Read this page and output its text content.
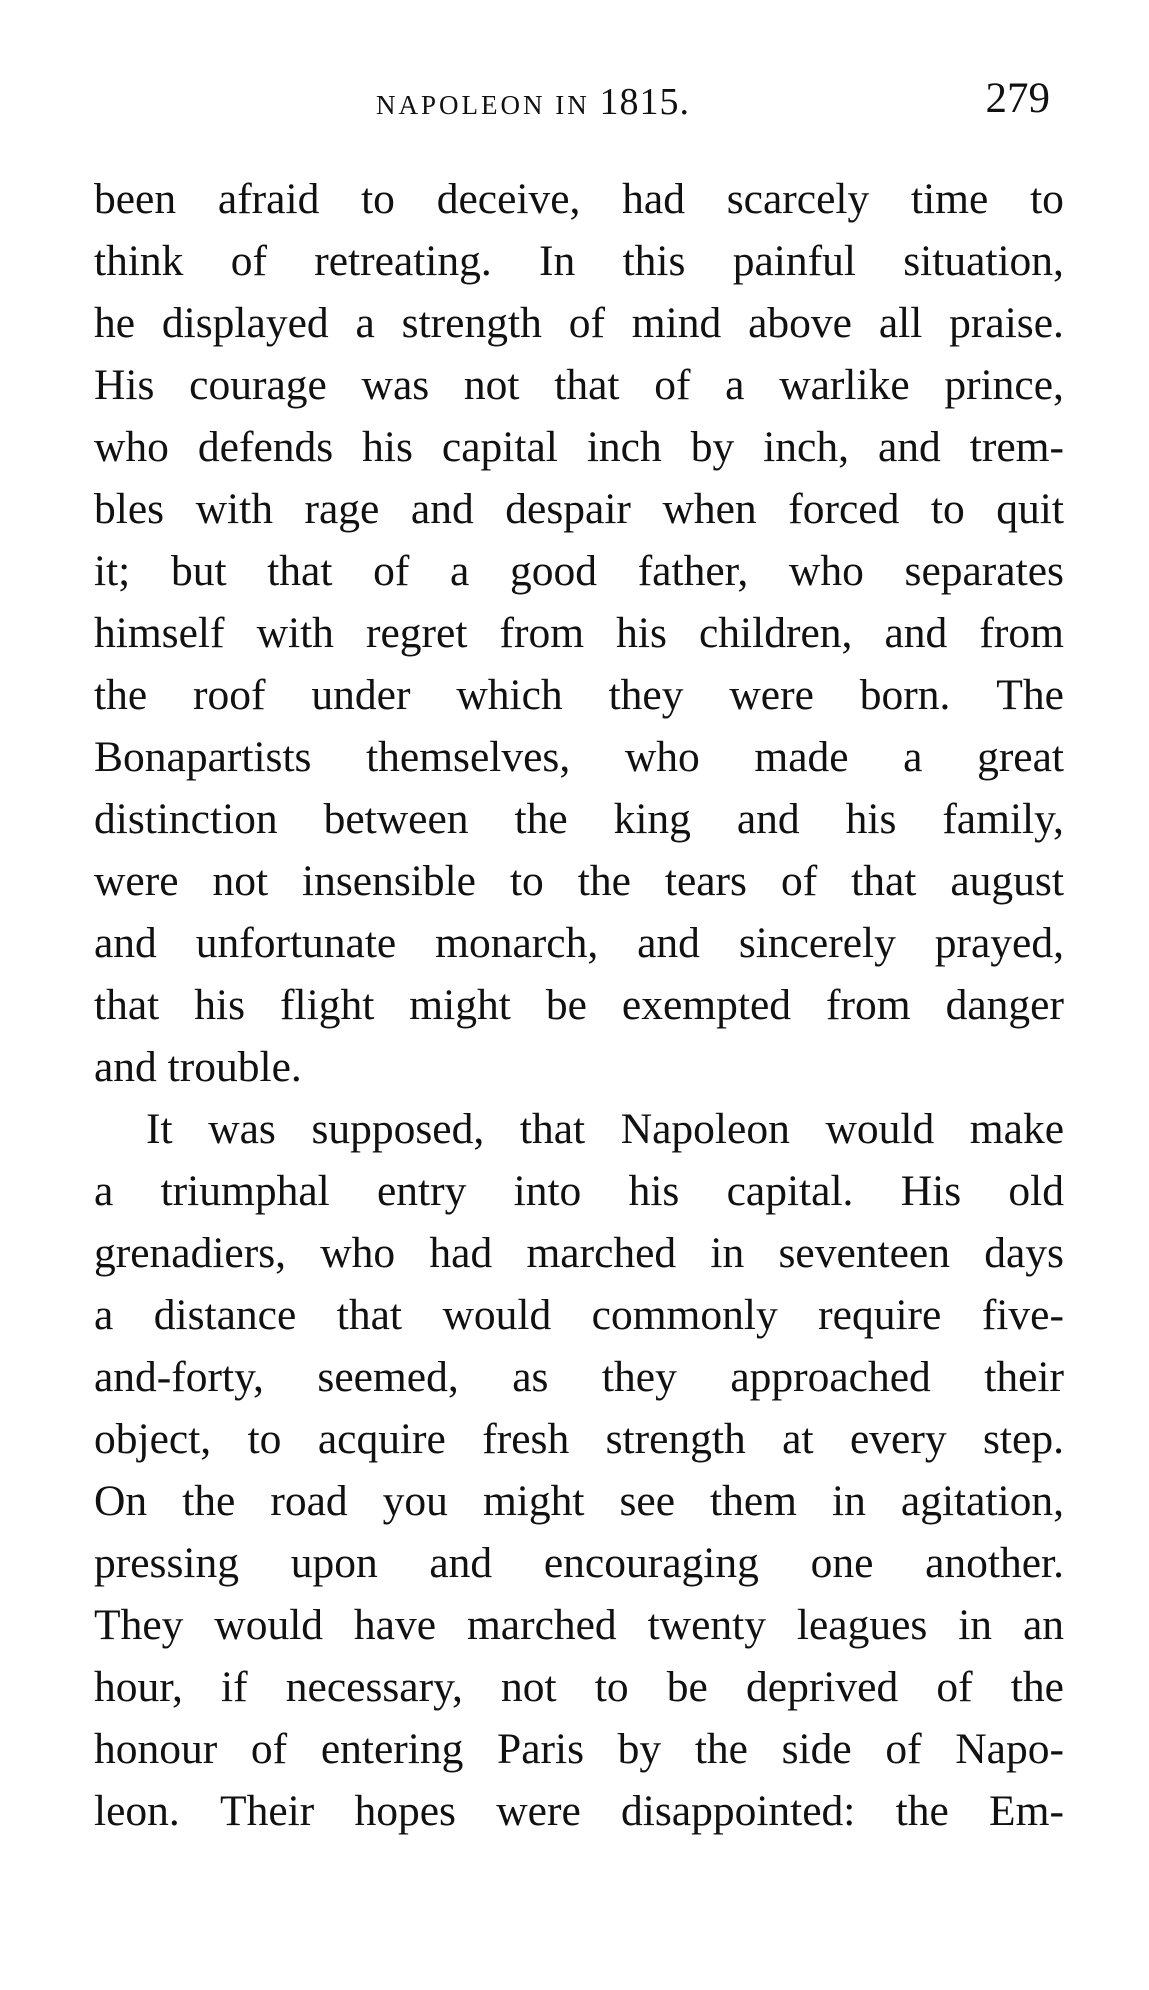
NAPOLEON IN 1815.	279
been afraid to deceive, had scarcely time to
think of retreating. In this painful situation,
he displayed a strength of mind above all praise.
His courage was not that of a warlike prince,
who defends his capital inch by inch, and trem-
bles with rage and despair when forced to quit
it; but that of a good father, who separates
himself with regret from his children, and from
the roof under which they were born. The
Bonapartists themselves, who made a great
distinction between the king and his family,
were not insensible to the tears of that august
and unfortunate monarch, and sincerely prayed,
that his flight might be exempted from danger
and trouble.
It was supposed, that Napoleon would make
a triumphal entry into his capital. His old
grenadiers, who had marched in seventeen days
a distance that would commonly require five-
and-forty, seemed, as they approached their
object, to acquire fresh strength at every step.
On the road you might see them in agitation,
pressing upon and encouraging one another.
They would have marched twenty leagues in an
hour, if necessary, not to be deprived of the
honour of entering Paris by the side of Napo-
leon. Their hopes were disappointed: the Em-
